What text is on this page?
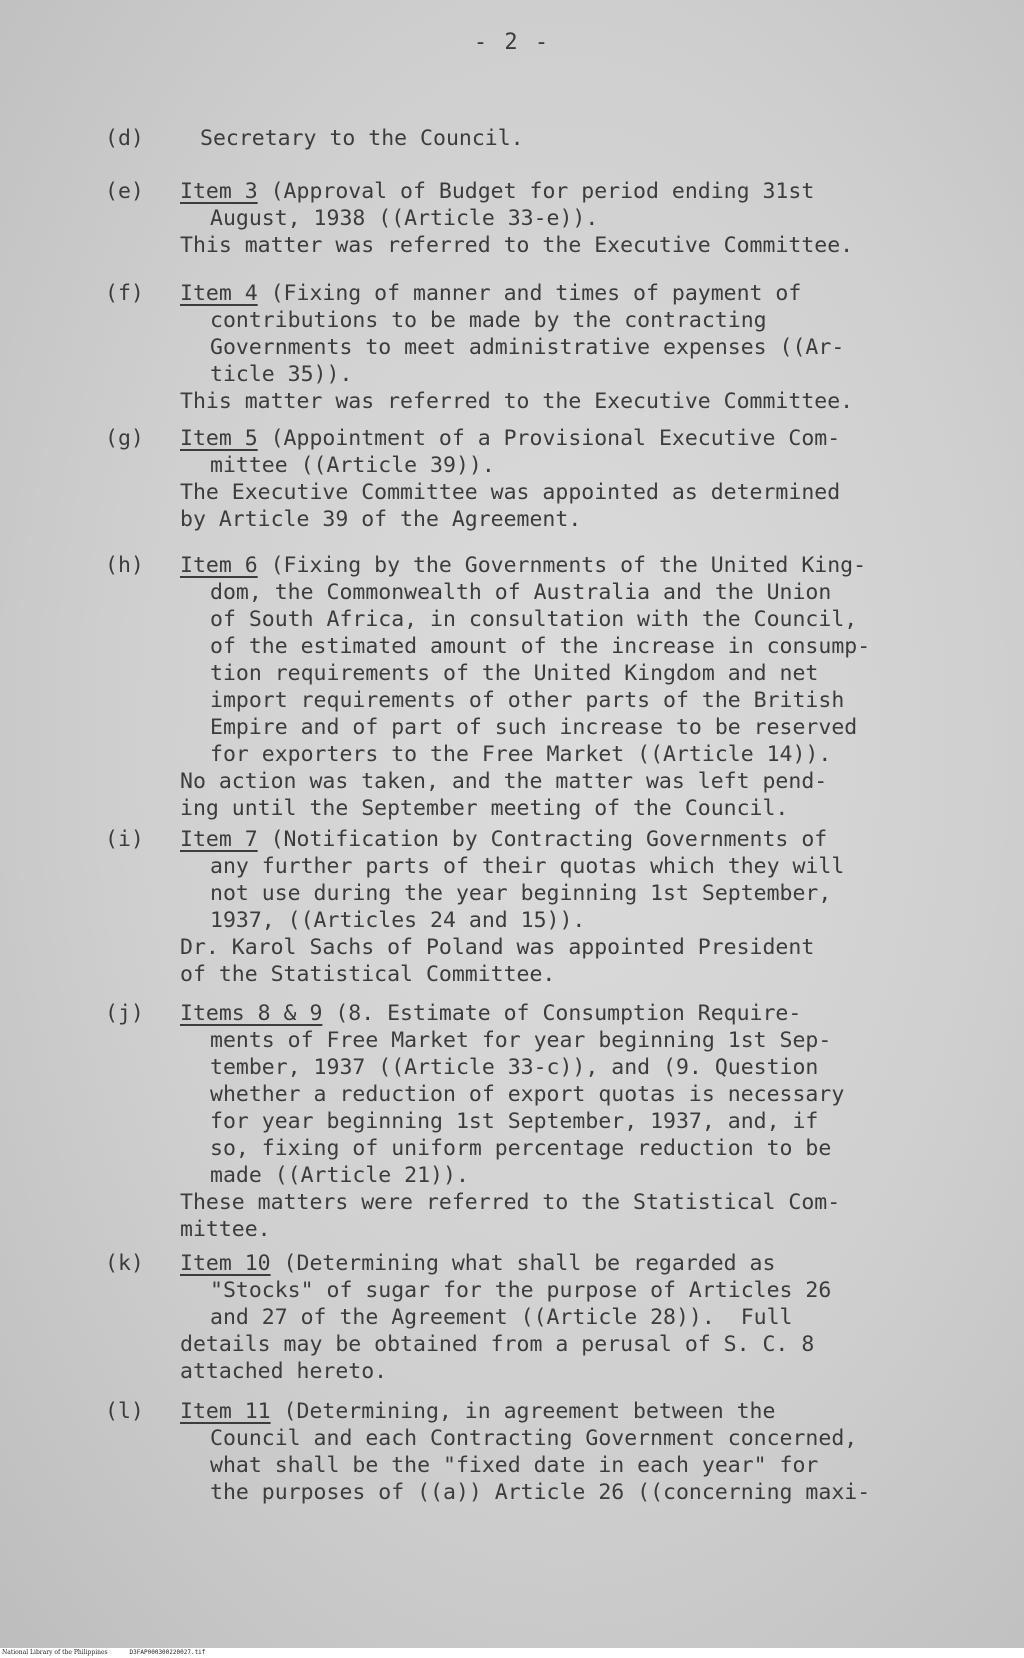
- 2 -
(d)	Secretary to the Council.
(e) Item 3 (Approval of Budget for period ending 31st
August, 1938 ((Article 33-e)).
This matter was referred to the Executive Committee.
(f) Item 4 (Fixing of manner and times of payment of
contributions to be made by the contracting
Governments to meet administrative expenses ((Ar-
ticle 35)).
This matter was referred to the Executive Committee.
(g) Item 5 (Appointment of a Provisional Executive Com-
mittee ((Article 39)).
The Executive Committee was appointed as determined
by Article 39 of the Agreement.
(h) Item 6 (Fixing by the Governments of the United King-
dom, the Commonwealth of Australia and the Union
of South Africa, in consultation with the Council,
of the estimated amount of the increase in consump-
tion requirements of the United Kingdom and net
import requirements of other parts of the British
Empire and of part of such increase to be reserved
for exporters to the Free Market ((Article 14)).
No action was taken, and the matter was left pend-
ing until the September meeting of the Council.
(i) Item 7 (Notification by Contracting Governments of
any further parts of their quotas which they will
not use during the year beginning 1st September,
1937, ((Articles 24 and 15)).
Dr. Karol Sachs of Poland was appointed President
of the Statistical Committee.
(j) Items 8 & 9 (8. Estimate of Consumption Require-
ments of Free Market for year beginning 1st Sep-
tember, 1937 ((Article 33-c)), and (9. Question
whether a reduction of export quotas is necessary
for year beginning 1st September, 1937, and, if
so, fixing of uniform percentage reduction to be
made ((Article 21)).
These matters were referred to the Statistical Com-
mittee.
(k) Item 10 (Determining what shall be regarded as
"Stocks" of sugar for the purpose of Articles 26
and 27 of the Agreement ((Article 28)).  Full
details may be obtained from a perusal of S. C. 8
attached hereto.
(l) Item 11 (Determining, in agreement between the
Council and each Contracting Government concerned,
what shall be the "fixed date in each year" for
the purposes of ((a)) Article 26 ((concerning maxi-
National Library of the Philippines	D3FAP000300220027.tif
